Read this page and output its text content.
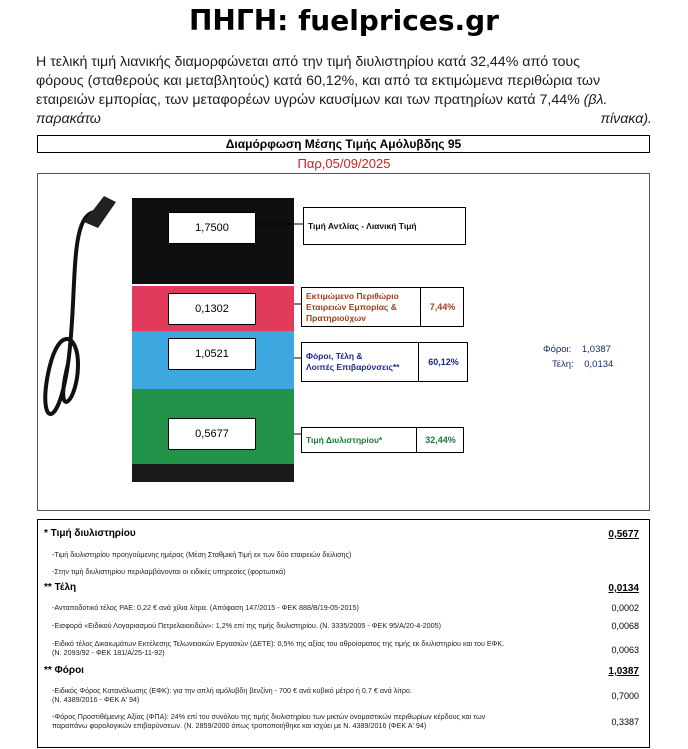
ΠΗΓΗ: fuelprices.gr
Η τελική τιμή λιανικής διαμορφώνεται από την τιμή διυλιστηρίου κατά 32,44% από τους
φόρους (σταθερούς και μεταβλητούς) κατά 60,12%, και από τα εκτιμώμενα περιθώρια των
εταιρειών εμπορίας, των μεταφορέων υγρών καυσίμων και των πρατηρίων κατά 7,44% (βλ.
παρακάτω	πίνακα).
Διαμόρφωση Μέσης Τιμής Αμόλυβδης 95
Παρ,05/09/2025
1,7500
0,1302
1,0521
0,5677
Τιμή Αντλίας - Λιανική Τιμή
Εκτιμώμενο Περιθώριο
Εταιρειών Εμπορίας &
Πρατηριούχων
7,44%
Φόροι, Τέλη &
Λοιπές Επιβαρύνσεις**	60,12%
Τιμή Διυλιστηρίου*	32,44%
Φόροι: 1,0387
Τέλη: 0,0134
* Τιμή διυλιστηρίου	0,5677
-Τιμή διυλιστηρίου προηγούμενης ημέρας (Μέση Σταθμική Τιμή εκ των δύο εταιρειών διύλισης)
-Στην τιμή διυλιστηρίου περιλαμβάνονται οι ειδικές υπηρεσίες (φορτωτικά)
** Τέλη	0,0134
-Ανταποδοτικό τέλος ΡΑΕ: 0,22 € ανά χίλια λίτρα. (Απόφαση 147/2015 - ΦΕΚ 888/Β/19-05-2015)	0,0002
-Εισφορά «Ειδικού Λογαριασμού Πετρελαιοειδών»: 1,2% επί της τιμής διυλιστηρίου. (Ν. 3335/2005 - ΦΕΚ 95/Α/20-4-2005)	0,0068
-Ειδικό τέλος Δικαιωμάτων Εκτέλεσης Τελωνειακών Εργασιών (ΔΕΤΕ): 0,5% της αξίας του αθροίσματος της τιμής εκ διυλιστηρίου και του ΕΦΚ.
(Ν. 2093/92 - ΦΕΚ 181/Α/25-11-92)	0,0063
** Φόροι	1,0387
-Ειδικός Φόρος Κατανάλωσης (ΕΦΚ): για την απλή αμόλυβδη βενζίνη - 700 € ανά κυβικό μέτρο ή 0.7 € ανά λίτρο.
(Ν. 4389/2016 - ΦΕΚ Α' 94)	0,7000
-Φόρος Προστιθέμενης Αξίας (ΦΠΑ): 24% επί του συνόλου της τιμής διυλιστηρίου των μικτών ονομαστικών περιθωρίων κέρδους και των
παραπάνω φορολογικών επιβαρύνσεων. (Ν. 2859/2000 όπως τροποποιήθηκε και ισχύει με Ν. 4389/2016 (ΦΕΚ Α' 94)	0,3387
